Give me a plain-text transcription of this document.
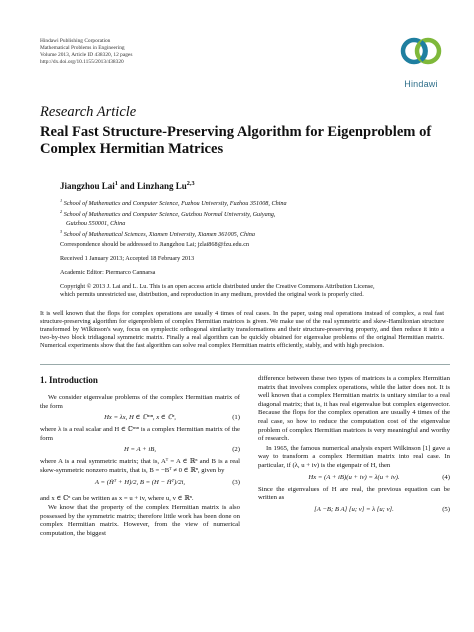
Hindawi Publishing Corporation
Mathematical Problems in Engineering
Volume 2013, Article ID 438320, 12 pages
http://dx.doi.org/10.1155/2013/438320
Hindawi
Research Article
Real Fast Structure-Preserving Algorithm for Eigenproblem of
Complex Hermitian Matrices
Jiangzhou Lai$^1$ and Linzhang Lu$^{2,3}$
$^1$ School of Mathematics and Computer Science, Fuzhou University, Fuzhou 351008, China
$^2$ School of Mathematics and Computer Science, Guizhou Normal University, Guiyang,
Guizhou 550001, China
$^3$ School of Mathematical Sciences, Xiamen University, Xiamen 361005, China
Correspondence should be addressed to Jiangzhou Lai; jzlai868@fzu.edu.cn
Received 1 January 2013; Accepted 18 February 2013
Academic Editor: Piermarco Cannarsa
Copyright © 2013 J. Lai and L. Lu. This is an open access article distributed under the Creative Commons Attribution License,
which permits unrestricted use, distribution, and reproduction in any medium, provided the original work is properly cited.
It is well known that the flops for complex operations are usually 4 times of real cases. In the paper, using real operations instead of complex, a real fast structure-preserving algorithm for eigenproblem of complex Hermitian matrices is given. We make use of the real symmetric and skew-Hamiltonian structure transformed by Wilkinson's way, focus on symplectic orthogonal similarity transformations and their structure-preserving property, and then reduce it into a two-by-two block tridiagonal symmetric matrix. Finally a real algorithm can be quickly obtained for eigenvalue problems of the original Hermitian matrix. Numerical experiments show that the fast algorithm can solve real complex Hermitian matrix efficiently, stably, and with high precision.
1. Introduction

We consider eigenvalue problems of the complex Hermitian matrix of the form

Hx = λx, H ∈ ℂⁿˣⁿ, x ∈ ℂⁿ,	(1)

where λ is a real scalar and H ∈ ℂⁿˣⁿ is a complex Hermitian matrix of the form

H = A + iB,	(2)

where A is a real symmetric matrix; that is, Aᵀ = A ∈ ℝⁿ and B is a real skew-symmetric nonzero matrix, that is, B = −Bᵀ ≠ 0 ∈ ℝⁿ, given by

A = (H̄ᵀ + H)/2, B = (H − H̄ᵀ)/2i,	(3)

and x ∈ ℂⁿ can be written as x = u + iv, where u, v ∈ ℝⁿ.

We know that the property of the complex Hermitian matrix is also possessed by the symmetric matrix; therefore little work has been done on complex Hermitian matrix. However, from the view of numerical computation, the biggest

difference between these two types of matrices is a complex Hermitian matrix that involves complex operations, while the latter does not. It is well known that a complex Hermitian matrix is unitary similar to a real diagonal matrix; that is, it has real eigenvalue but complex eigenvector. Because the flops for the complex operation are usually 4 times of the real case, so how to reduce the computation cost of the eigenvalue problem of complex Hermitian matrices is very meaningful and worthy of research.

In 1965, the famous numerical analysis expert Wilkinson [1] gave a way to transform a complex Hermitian matrix into real case. In particular, if (λ, u + iv) is the eigenpair of H, then

Hx = (A + iB)(u + iv) = λ(u + iv).	(4)

Since the eigenvalues of H are real, the previous equation can be written as

[A −B; B A] [u; v] = λ [u; v].	(5)
